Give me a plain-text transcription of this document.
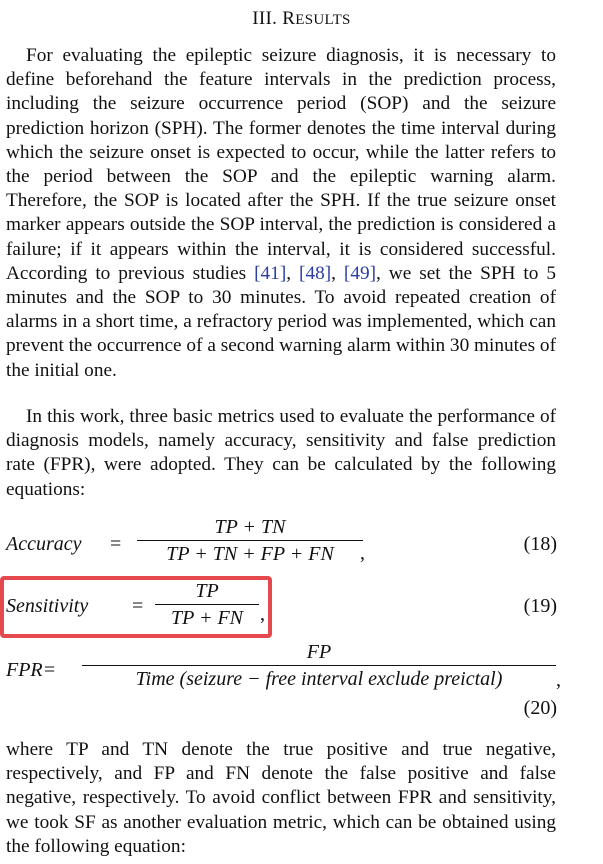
III. RESULTS
For evaluating the epileptic seizure diagnosis, it is necessary to define beforehand the feature intervals in the prediction process, including the seizure occurrence period (SOP) and the seizure prediction horizon (SPH). The former denotes the time interval during which the seizure onset is expected to occur, while the latter refers to the period between the SOP and the epileptic warning alarm. Therefore, the SOP is located after the SPH. If the true seizure onset marker appears outside the SOP interval, the prediction is considered a failure; if it appears within the interval, it is considered successful. According to previous studies [41], [48], [49], we set the SPH to 5 minutes and the SOP to 30 minutes. To avoid repeated creation of alarms in a short time, a refractory period was implemented, which can prevent the occurrence of a second warning alarm within 30 minutes of the initial one.
In this work, three basic metrics used to evaluate the performance of diagnosis models, namely accuracy, sensitivity and false prediction rate (FPR), were adopted. They can be calculated by the following equations:
Accuracy =
TP + TN
TP + TN + FP + FN	,	(18)
Sensitivity =
TP
TP + FN ,	(19)
FPR=
FP
Time (seizure − free interval exclude preictal)	,
(20)
where TP and TN denote the true positive and true negative, respectively, and FP and FN denote the false positive and false negative, respectively. To avoid conflict between FPR and sensitivity, we took SF as another evaluation metric, which can be obtained using the following equation:
